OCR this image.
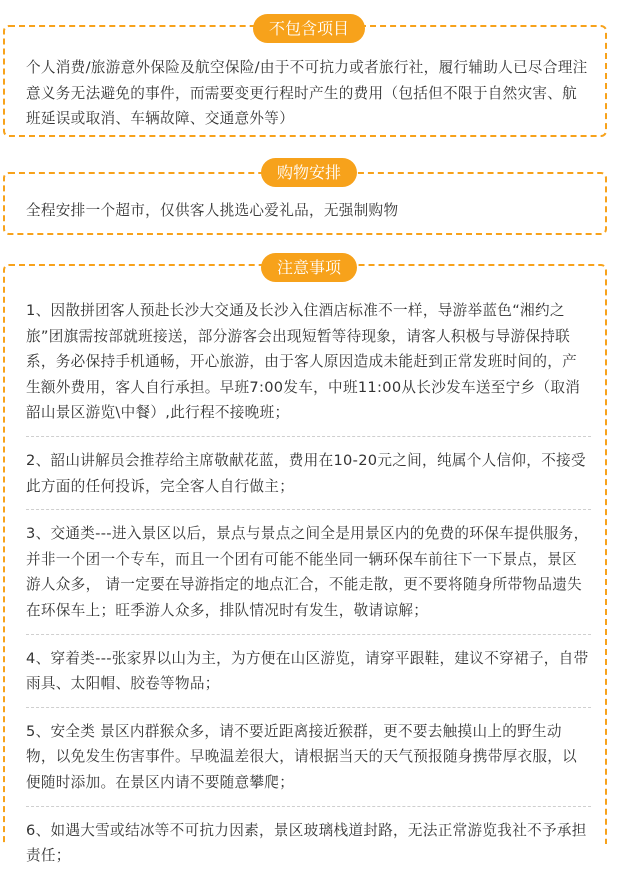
个人消费/旅游意外保险及航空保险/由于不可抗力或者旅行社，履行辅助人已尽合理注意义务无法避免的事件，而需要变更行程时产生的费用（包括但不限于自然灾害、航班延误或取消、车辆故障、交通意外等）

不包含项目

全程安排一个超市，仅供客人挑选心爱礼品，无强制购物

购物安排

1、因散拼团客人预赴长沙大交通及长沙入住酒店标准不一样，导游举蓝色“湘约之旅”团旗需按部就班接送，部分游客会出现短暂等待现象，请客人积极与导游保持联系，务必保持手机通畅，开心旅游，由于客人原因造成未能赶到正常发班时间的，产生额外费用，客人自行承担。早班7:00发车，中班11:00从长沙发车送至宁乡（取消韶山景区游览\中餐）,此行程不接晚班；

2、韶山讲解员会推荐给主席敬献花蓝，费用在10-20元之间，纯属个人信仰，不接受此方面的任何投诉，完全客人自行做主；

3、交通类---进入景区以后，景点与景点之间全是用景区内的免费的环保车提供服务，并非一个团一个专车，而且一个团有可能不能坐同一辆环保车前往下一下景点，景区游人众多， 请一定要在导游指定的地点汇合，不能走散，更不要将随身所带物品遗失在环保车上；旺季游人众多，排队情况时有发生，敬请谅解；

4、穿着类---张家界以山为主，为方便在山区游览，请穿平跟鞋，建议不穿裙子，自带雨具、太阳帽、胶卷等物品；

5、安全类 景区内群猴众多，请不要近距离接近猴群，更不要去触摸山上的野生动物，以免发生伤害事件。早晚温差很大，请根据当天的天气预报随身携带厚衣服，以便随时添加。在景区内请不要随意攀爬；

6、如遇大雪或结冰等不可抗力因素，景区玻璃栈道封路，无法正常游览我社不予承担责任；

注意事项
